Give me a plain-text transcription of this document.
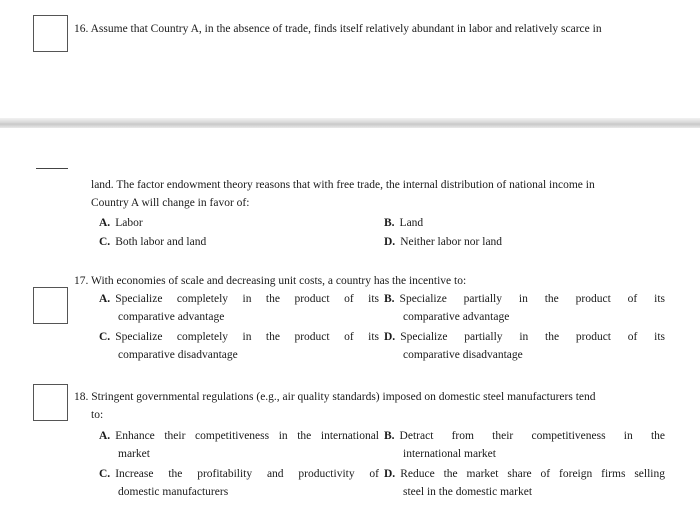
16. Assume that Country A, in the absence of trade, finds itself relatively abundant in labor and relatively scarce in
land. The factor endowment theory reasons that with free trade, the internal distribution of national income in
Country A will change in favor of:
A. Labor	B. Land
C. Both labor and land	D. Neither labor nor land
17. With economies of scale and decreasing unit costs, a country has the incentive to:
A. Specialize completely in the product of its
comparative advantage
B. Specialize partially in the product of its
comparative advantage
C. Specialize completely in the product of its
comparative disadvantage
D. Specialize partially in the product of its
comparative disadvantage
18. Stringent governmental regulations (e.g., air quality standards) imposed on domestic steel manufacturers tend
to:
A. Enhance their competitiveness in the international
market
B. Detract from their competitiveness in the
international market
C. Increase the profitability and productivity of
domestic manufacturers
D. Reduce the market share of foreign firms selling
steel in the domestic market
